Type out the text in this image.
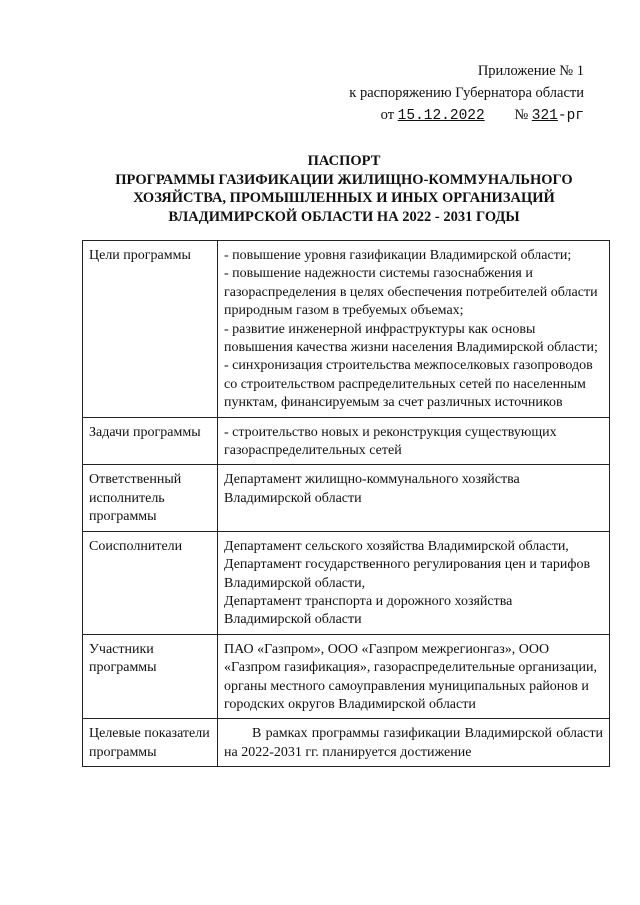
Приложение № 1
к распоряжению Губернатора области
от 15.12.2022 № 321-рг
ПАСПОРТ
ПРОГРАММЫ ГАЗИФИКАЦИИ ЖИЛИЩНО-КОММУНАЛЬНОГО
ХОЗЯЙСТВА, ПРОМЫШЛЕННЫХ И ИНЫХ ОРГАНИЗАЦИЙ
ВЛАДИМИРСКОЙ ОБЛАСТИ НА 2022 - 2031 ГОДЫ
Цели программы	- повышение уровня газификации Владимирской области;
- повышение надежности системы газоснабжения и газораспределения в целях обеспечения потребителей области природным газом в требуемых объемах;
- развитие инженерной инфраструктуры как основы повышения качества жизни населения Владимирской области;
- синхронизация строительства межпоселковых газопроводов со строительством распределительных сетей по населенным пунктам, финансируемым за счет различных источников

Задачи программы	- строительство новых и реконструкция существующих газораспределительных сетей

Ответственный исполнитель программы	Департамент жилищно-коммунального хозяйства Владимирской области

Соисполнители	Департамент сельского хозяйства Владимирской области,
Департамент государственного регулирования цен и тарифов Владимирской области,
Департамент транспорта и дорожного хозяйства Владимирской области

Участники программы	ПАО «Газпром», ООО «Газпром межрегионгаз», ООО «Газпром газификация», газораспределительные организации, органы местного самоуправления муниципальных районов и городских округов Владимирской области

Целевые показатели программы	В рамках программы газификации Владимирской области на 2022-2031 гг. планируется достижение
